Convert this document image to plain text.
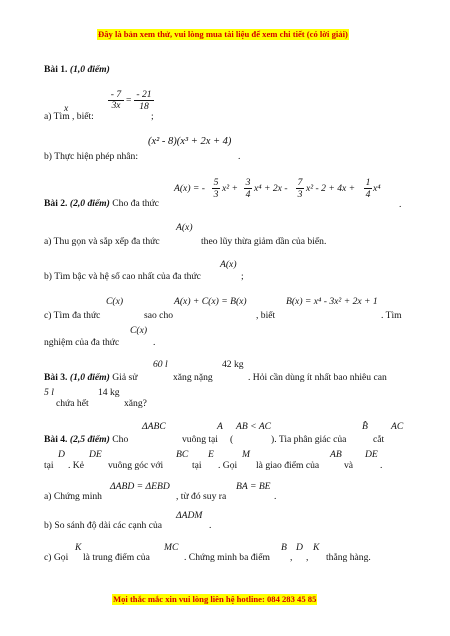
Đây là bản xem thử, vui lòng mua tài liệu để xem chi tiết (có lời giải)
Bài 1. (1,0 điểm)
$\frac{- 7}{3x} = \frac{- 21}{18}$
x
a) Tìm , biết:	;
(x² - 8)(x³ + 2x + 4)
b) Thực hiện phép nhân:	.
A(x) = - $\frac{5}{3} x^2 + \frac{3}{4} x^4 + 2x - \frac{7}{3} x^2 - 2 + 4x + \frac{1}{4} x^4$
.
Bài 2. (2,0 điểm) Cho đa thức
A(x)
a) Thu gọn và sắp xếp đa thức	theo lũy thừa giảm dần của biến.
A(x)
b) Tìm bậc và hệ số cao nhất của đa thức	;
C(x)	A(x) + C(x) = B(x)	B(x) = x⁴ - 3x² + 2x + 1
c) Tìm đa thức	sao cho	, biết	. Tìm
C(x)
nghiệm của đa thức	.
60 l	42 kg
Bài 3. (1,0 điểm) Giả sử	xăng nặng	. Hỏi cần dùng ít nhất bao nhiêu can
5 l	14 kg
chứa hết	xăng?
ΔABC	A AB < AC	B̂ AC
Bài 4. (2,5 điểm) Cho	vuông tại (	). Tia phân giác của	cắt
D	DE	BC E	M	AB DE
tại . Kẻ	vuông góc với	tại . Gọi là giao điểm của	và	.
ΔABD = ΔEBD	BA = BE
a) Chứng minh	, từ đó suy ra	.
ΔADM
b) So sánh độ dài các cạnh của	.
K	MC	B D K
c) Gọi là trung điểm của	. Chứng minh ba điểm , , thẳng hàng.
Mọi thắc mắc xin vui lòng liên hệ hotline: 084 283 45 85
